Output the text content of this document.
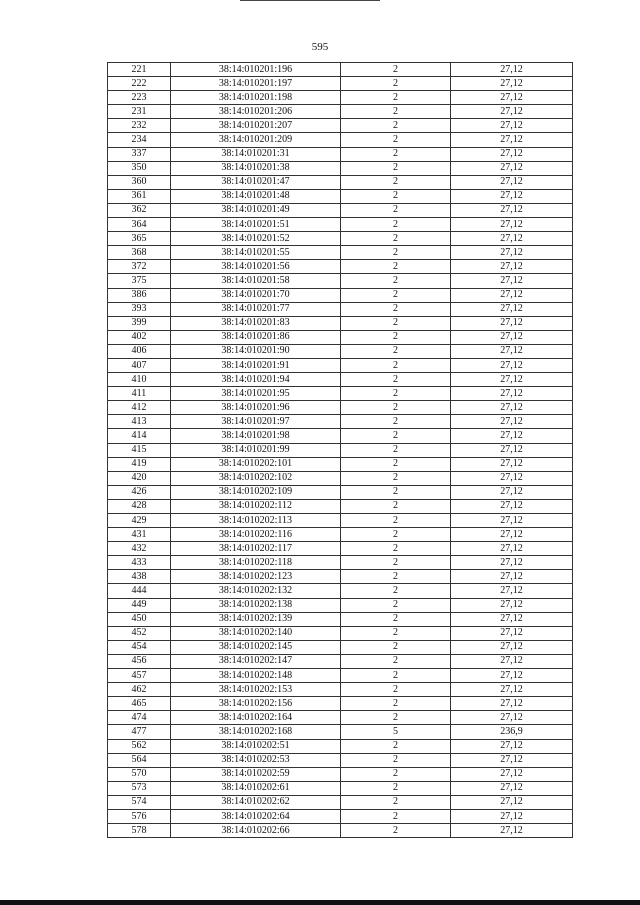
595
221	38:14:010201:196	2	27,12
222	38:14:010201:197	2	27,12
223	38:14:010201:198	2	27,12
231	38:14:010201:206	2	27,12
232	38:14:010201:207	2	27,12
234	38:14:010201:209	2	27,12
337	38:14:010201:31	2	27,12
350	38:14:010201:38	2	27,12
360	38:14:010201:47	2	27,12
361	38:14:010201:48	2	27,12
362	38:14:010201:49	2	27,12
364	38:14:010201:51	2	27,12
365	38:14:010201:52	2	27,12
368	38:14:010201:55	2	27,12
372	38:14:010201:56	2	27,12
375	38:14:010201:58	2	27,12
386	38:14:010201:70	2	27,12
393	38:14:010201:77	2	27,12
399	38:14:010201:83	2	27,12
402	38:14:010201:86	2	27,12
406	38:14:010201:90	2	27,12
407	38:14:010201:91	2	27,12
410	38:14:010201:94	2	27,12
411	38:14:010201:95	2	27,12
412	38:14:010201:96	2	27,12
413	38:14:010201:97	2	27,12
414	38:14:010201:98	2	27,12
415	38:14:010201:99	2	27,12
419	38:14:010202:101	2	27,12
420	38:14:010202:102	2	27,12
426	38:14:010202:109	2	27,12
428	38:14:010202:112	2	27,12
429	38:14:010202:113	2	27,12
431	38:14:010202:116	2	27,12
432	38:14:010202:117	2	27,12
433	38:14:010202:118	2	27,12
438	38:14:010202:123	2	27,12
444	38:14:010202:132	2	27,12
449	38:14:010202:138	2	27,12
450	38:14:010202:139	2	27,12
452	38:14:010202:140	2	27,12
454	38:14:010202:145	2	27,12
456	38:14:010202:147	2	27,12
457	38:14:010202:148	2	27,12
462	38:14:010202:153	2	27,12
465	38:14:010202:156	2	27,12
474	38:14:010202:164	2	27,12
477	38:14:010202:168	5	236,9
562	38:14:010202:51	2	27,12
564	38:14:010202:53	2	27,12
570	38:14:010202:59	2	27,12
573	38:14:010202:61	2	27,12
574	38:14:010202:62	2	27,12
576	38:14:010202:64	2	27,12
578	38:14:010202:66	2	27,12
